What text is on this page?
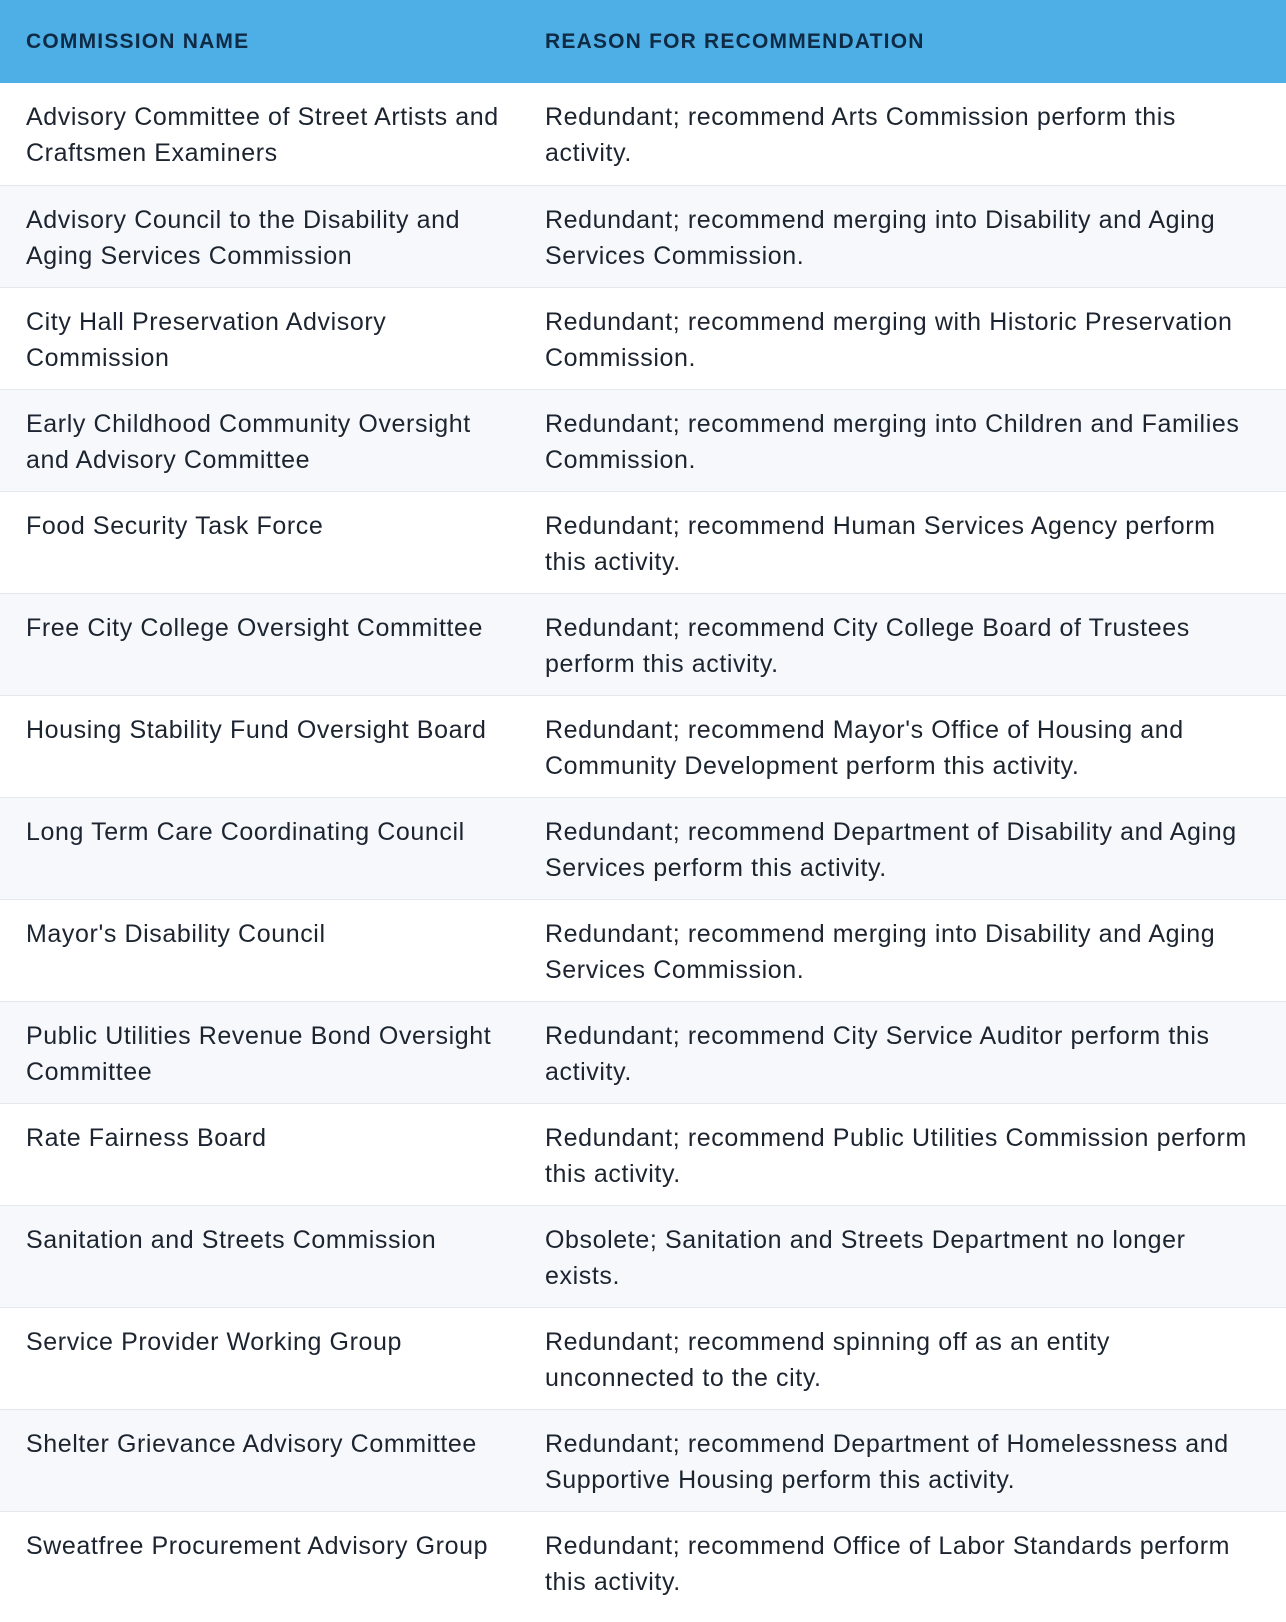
COMMISSION NAME	REASON FOR RECOMMENDATION
Advisory Committee of Street Artists and Craftsmen Examiners	Redundant; recommend Arts Commission perform this activity.
Advisory Council to the Disability and Aging Services Commission	Redundant; recommend merging into Disability and Aging Services Commission.
City Hall Preservation Advisory Commission	Redundant; recommend merging with Historic Preservation Commission.
Early Childhood Community Oversight and Advisory Committee	Redundant; recommend merging into Children and Families Commission.
Food Security Task Force	Redundant; recommend Human Services Agency perform this activity.
Free City College Oversight Committee	Redundant; recommend City College Board of Trustees perform this activity.
Housing Stability Fund Oversight Board	Redundant; recommend Mayor's Office of Housing and Community Development perform this activity.
Long Term Care Coordinating Council	Redundant; recommend Department of Disability and Aging Services perform this activity.
Mayor's Disability Council	Redundant; recommend merging into Disability and Aging Services Commission.
Public Utilities Revenue Bond Oversight Committee	Redundant; recommend City Service Auditor perform this activity.
Rate Fairness Board	Redundant; recommend Public Utilities Commission perform this activity.
Sanitation and Streets Commission	Obsolete; Sanitation and Streets Department no longer exists.
Service Provider Working Group	Redundant; recommend spinning off as an entity unconnected to the city.
Shelter Grievance Advisory Committee	Redundant; recommend Department of Homelessness and Supportive Housing perform this activity.
Sweatfree Procurement Advisory Group	Redundant; recommend Office of Labor Standards perform this activity.
